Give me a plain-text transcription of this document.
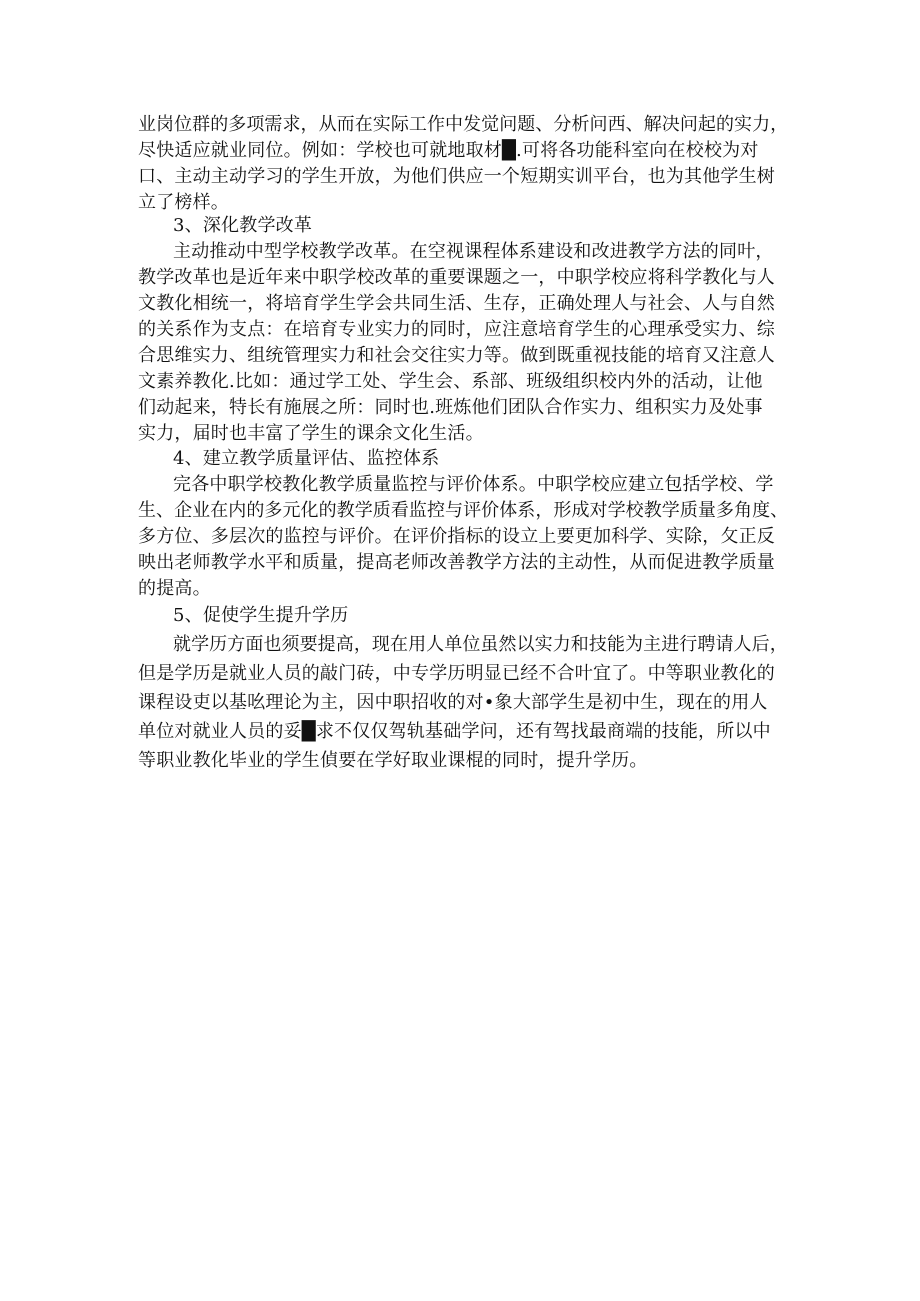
业岗位群的多项需求，从而在实际工作中发觉问题、分析问西、解决问起的实力，
尽快适应就业同位。例如：学校也可就地取材█.可将各功能科室向在校校为对
口、主动主动学习的学生开放，为他们供应一个短期实训平台，也为其他学生树
立了榜样。
3、深化教学改革
主动推动中型学校教学改革。在空视课程体系建设和改进教学方法的同叶，
教学改革也是近年来中职学校改革的重要课题之一，中职学校应将科学教化与人
文教化相统一，将培育学生学会共同生活、生存，正确处理人与社会、人与自然
的关系作为支点：在培育专业实力的同时，应注意培育学生的心理承受实力、综
合思维实力、组统管理实力和社会交往实力等。做到既重视技能的培育又注意人
文素养教化.比如：通过学工处、学生会、系部、班级组织校内外的活动，让他
们动起来，特长有施展之所：同时也.班炼他们团队合作实力、组积实力及处事
实力，届时也丰富了学生的课余文化生活。
4、建立教学质量评估、监控体系
完各中职学校教化教学质量监控与评价体系。中职学校应建立包括学校、学
生、企业在内的多元化的教学质看监控与评价体系，形成对学校教学质量多角度、
多方位、多层次的监控与评价。在评价指标的设立上要更加科学、实除，攵正反
映出老师教学水平和质量，提高老师改善教学方法的主动性，从而促进教学质量
的提高。
5、促使学生提升学历
就学历方面也须要提高，现在用人单位虽然以实力和技能为主进行聘请人后，
但是学历是就业人员的敲门砖，中专学历明显已经不合叶宜了。中等职业教化的
课程设吏以基吆理论为主，因中职招收的对•象大部学生是初中生，现在的用人
单位对就业人员的妥█求不仅仅驾轨基础学问，还有驾找最商端的技能，所以中
等职业教化毕业的学生偵要在学好取业课棍的同时，提升学历。
